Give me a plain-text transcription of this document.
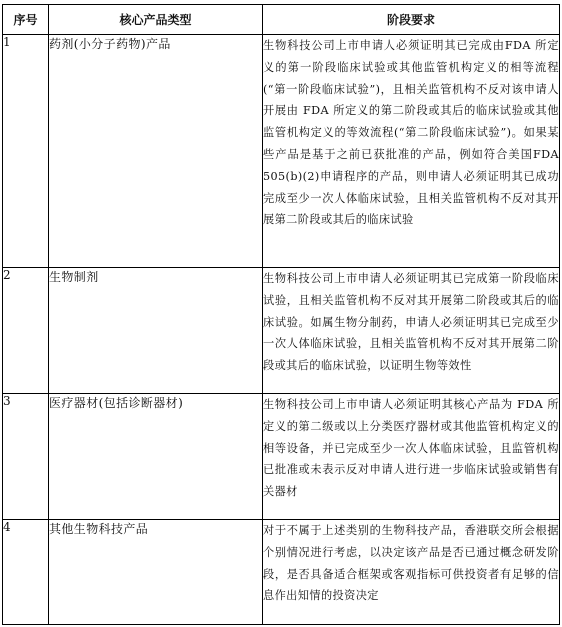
序号	核心产品类型	阶段要求
1	药剂(小分子药物)产品	生物科技公司上市申请人必须证明其已完成由FDA 所定义的第一阶段临床试验或其他监管机构定义的相等流程(“第一阶段临床试验”)，且相关监管机构不反对该申请人开展由 FDA 所定义的第二阶段或其后的临床试验或其他监管机构定义的等效流程(“第二阶段临床试验”)。如果某些产品是基于之前已获批准的产品，例如符合美国FDA 505(b)(2)申请程序的产品，则申请人必须证明其已成功完成至少一次人体临床试验，且相关监管机构不反对其开展第二阶段或其后的临床试验
2	生物制剂	生物科技公司上市申请人必须证明其已完成第一阶段临床试验，且相关监管机构不反对其开展第二阶段或其后的临床试验。如属生物分制药，申请人必须证明其已完成至少一次人体临床试验，且相关监管机构不反对其开展第二阶段或其后的临床试验，以证明生物等效性
3	医疗器材(包括诊断器材)	生物科技公司上市申请人必须证明其核心产品为 FDA 所定义的第二级或以上分类医疗器材或其他监管机构定义的相等设备，并已完成至少一次人体临床试验，且监管机构已批准或未表示反对申请人进行进一步临床试验或销售有关器材
4	其他生物科技产品	对于不属于上述类别的生物科技产品，香港联交所会根据个别情况进行考虑，以决定该产品是否已通过概念研发阶段，是否具备适合框架或客观指标可供投资者有足够的信息作出知情的投资决定
